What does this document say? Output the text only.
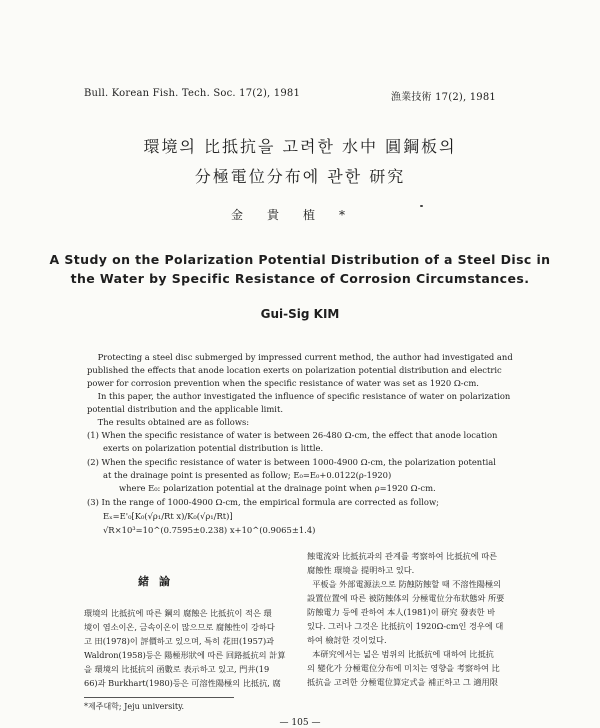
Bull. Korean Fish. Tech. Soc. 17(2), 1981	漁業技術 17(2), 1981
環境의 比抵抗을 고려한 水中 圓鋼板의
分極電位分布에 관한 研究
金貴植*
A Study on the Polarization Potential Distribution of a Steel Disc in
the Water by Specific Resistance of Corrosion Circumstances.
Gui-Sig KIM
Protecting a steel disc submerged by impressed current method, the author had investigated and
published the effects that anode location exerts on polarization potential distribution and electric
power for corrosion prevention when the specific resistance of water was set as 1920 Ω-cm.
In this paper, the author investigated the influence of specific resistance of water on polarization
potential distribution and the applicable limit.
The results obtained are as follows:
(1) When the specific resistance of water is between 26-480 Ω-cm, the effect that anode location
exerts on polarization potential distribution is little.
(2) When the specific resistance of water is between 1000-4900 Ω-cm, the polarization potential
at the drainage point is presented as follow; E₀=E₀+0.0122(ρ-1920)
where E₀: polarization potential at the drainage point when ρ=1920 Ω-cm.
(3) In the range of 1000-4900 Ω-cm, the empirical formula are corrected as follow;
Eₓ=E'₀[K₀(√ρ₁/Rt x)/K₀(√ρ₁/Rt)]
√R×10³=10^(0.7595±0.238) x+10^(0.9065±1.4)
緒論
環境의 比抵抗에 따른 鋼의 腐蝕은 比抵抗이 적은 環
境이 염소이온, 금속이온이 많으므로 腐蝕性이 강하다
고 田(1978)이 評價하고 있으며, 특히 花田(1957)과
Waldron(1958)등은 陽極形狀에 따른 回路抵抗의 計算
을 環境의 比抵抗의 函數로 表示하고 있고, 門井(19
66)과 Burkhart(1980)등은 可溶性陽極의 比抵抗, 腐
蝕電流와 比抵抗과의 관계를 考察하여 比抵抗에 따른
腐蝕性 環境을 提明하고 있다.
平板을 外部電源法으로 防蝕防蝕할 때 不溶性陽極의
設置位置에 따른 被防蝕体의 分極電位分布狀態와 所要
防蝕電力 등에 관하여 本人(1981)이 研究 發表한 바
있다. 그러나 그것은 比抵抗이 1920Ω-cm인 경우에 대
하여 檢討한 것이었다.
本研究에서는 넓은 범위의 比抵抗에 대하여 比抵抗
의 變化가 分極電位分布에 미치는 영향을 考察하여 比
抵抗을 고려한 分極電位算定式을 補正하고 그 適用限
*제주대학; Jeju university.
— 105 —
